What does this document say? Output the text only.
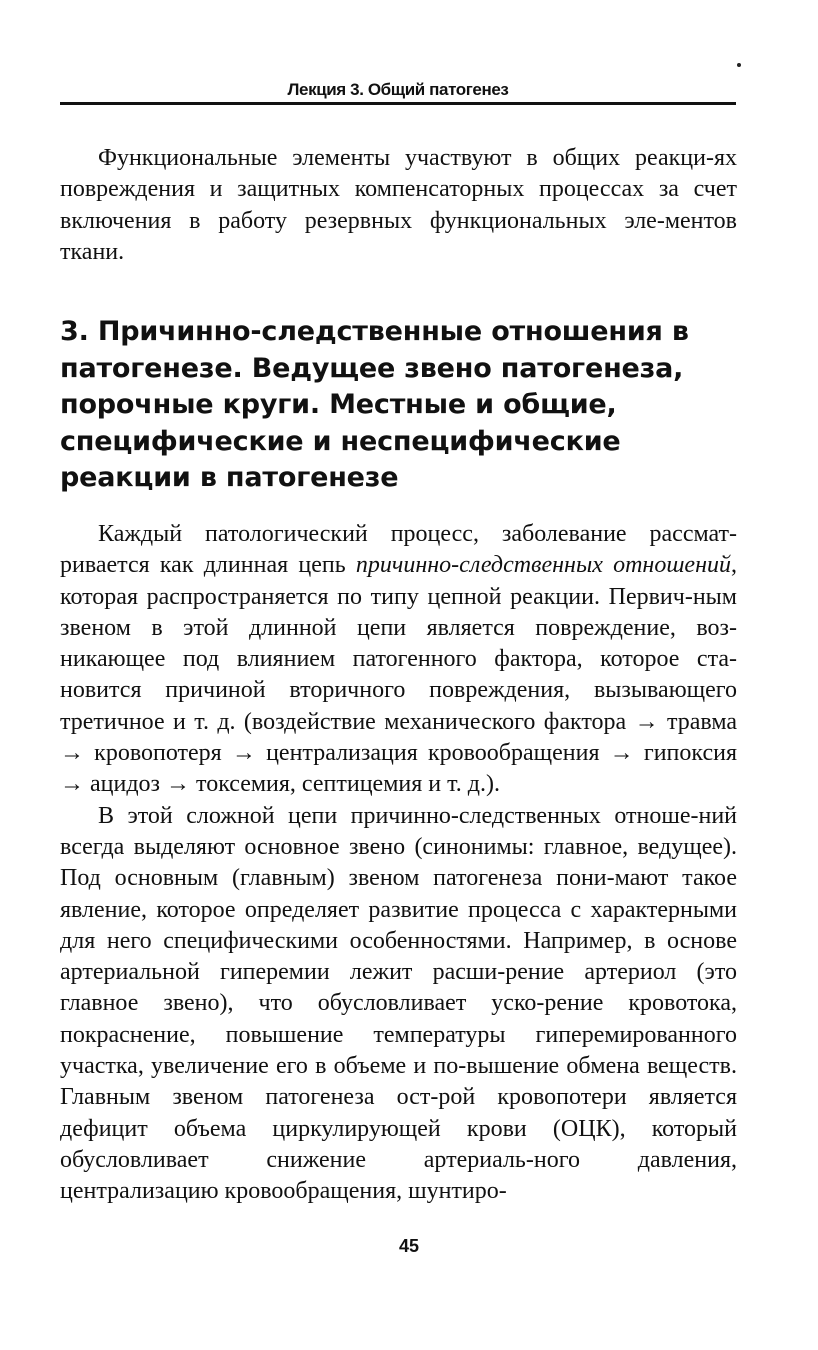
Лекция 3. Общий патогенез

Функциональные элементы участвуют в общих реакци-ях повреждения и защитных компенсаторных процессах за счет включения в работу резервных функциональных эле-ментов ткани.

3. Причинно-следственные отношения в патогенезе. Ведущее звено патогенеза, порочные круги. Местные и общие, специфические и неспецифические реакции в патогенезе

Каждый патологический процесс, заболевание рассмат-ривается как длинная цепь причинно-следственных отношений, которая распространяется по типу цепной реакции. Первич-ным звеном в этой длинной цепи является повреждение, воз-никающее под влиянием патогенного фактора, которое ста-новится причиной вторичного повреждения, вызывающего третичное и т. д. (воздействие механического фактора → травма → кровопотеря → централизация кровообращения → гипоксия → ацидоз → токсемия, септицемия и т. д.).

В этой сложной цепи причинно-следственных отноше-ний всегда выделяют основное звено (синонимы: главное, ведущее). Под основным (главным) звеном патогенеза пони-мают такое явление, которое определяет развитие процесса с характерными для него специфическими особенностями. Например, в основе артериальной гиперемии лежит расши-рение артериол (это главное звено), что обусловливает уско-рение кровотока, покраснение, повышение температуры гиперемированного участка, увеличение его в объеме и по-вышение обмена веществ. Главным звеном патогенеза ост-рой кровопотери является дефицит объема циркулирующей крови (ОЦК), который обусловливает снижение артериаль-ного давления, централизацию кровообращения, шунтиро-

45
